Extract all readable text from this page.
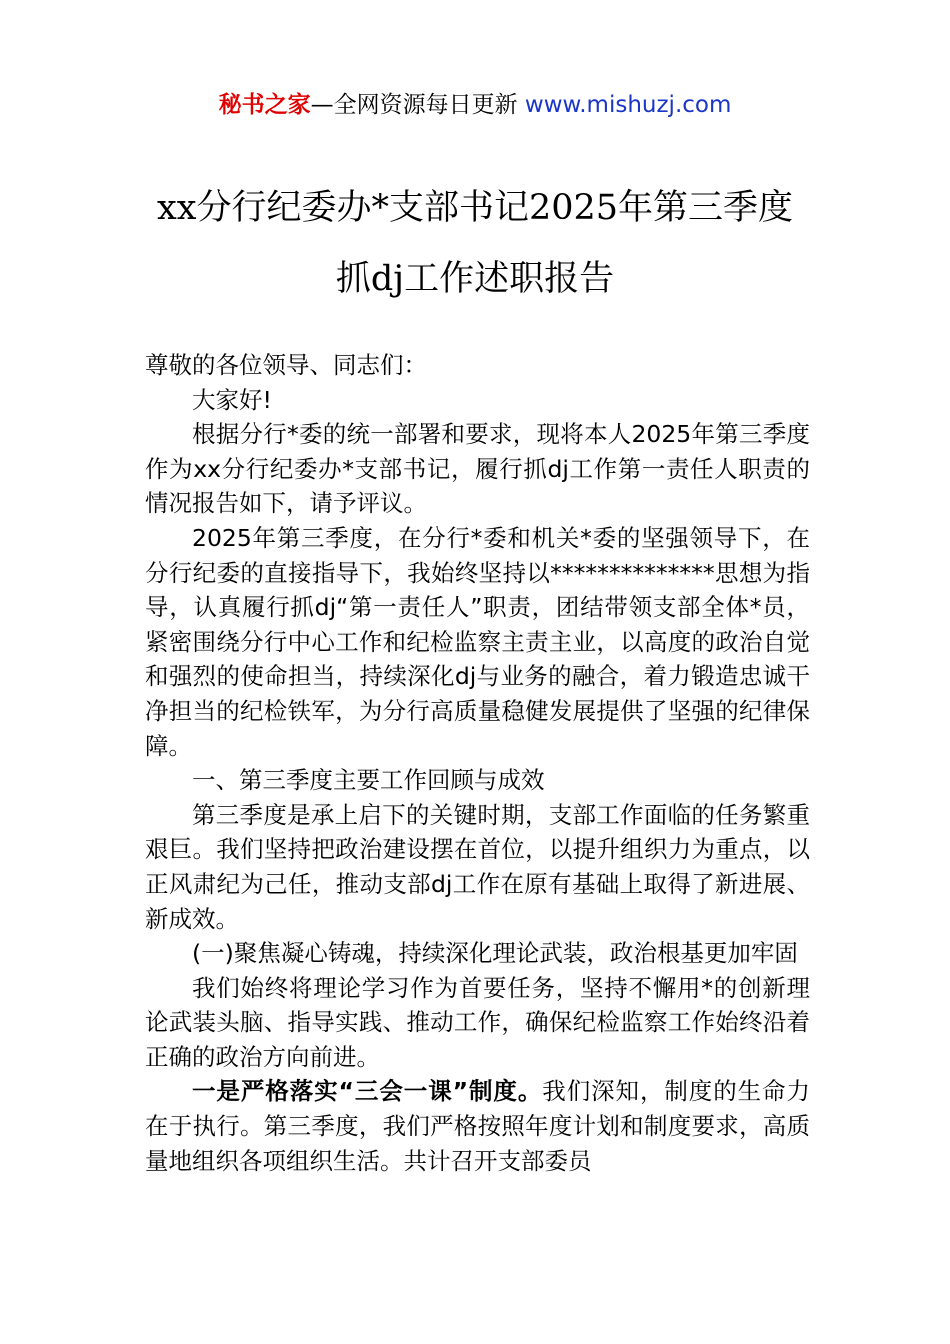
秘书之家—全网资源每日更新 www.mishuzj.com
xx分行纪委办*支部书记2025年第三季度
抓dj工作述职报告

尊敬的各位领导、同志们：

大家好!

根据分行*委的统一部署和要求，现将本人2025年第三季度作为xx分行纪委办*支部书记，履行抓dj工作第一责任人职责的情况报告如下，请予评议。

2025年第三季度，在分行*委和机关*委的坚强领导下，在分行纪委的直接指导下，我始终坚持以**************思想为指导，认真履行抓dj“第一责任人”职责，团结带领支部全体*员，紧密围绕分行中心工作和纪检监察主责主业，以高度的政治自觉和强烈的使命担当，持续深化dj与业务的融合，着力锻造忠诚干净担当的纪检铁军，为分行高质量稳健发展提供了坚强的纪律保障。

一、第三季度主要工作回顾与成效

第三季度是承上启下的关键时期，支部工作面临的任务繁重艰巨。我们坚持把政治建设摆在首位，以提升组织力为重点，以正风肃纪为己任，推动支部dj工作在原有基础上取得了新进展、新成效。

(一)聚焦凝心铸魂，持续深化理论武装，政治根基更加牢固

我们始终将理论学习作为首要任务，坚持不懈用*的创新理论武装头脑、指导实践、推动工作，确保纪检监察工作始终沿着正确的政治方向前进。

一是严格落实“三会一课”制度。我们深知，制度的生命力在于执行。第三季度，我们严格按照年度计划和制度要求，高质量地组织各项组织生活。共计召开支部委员
